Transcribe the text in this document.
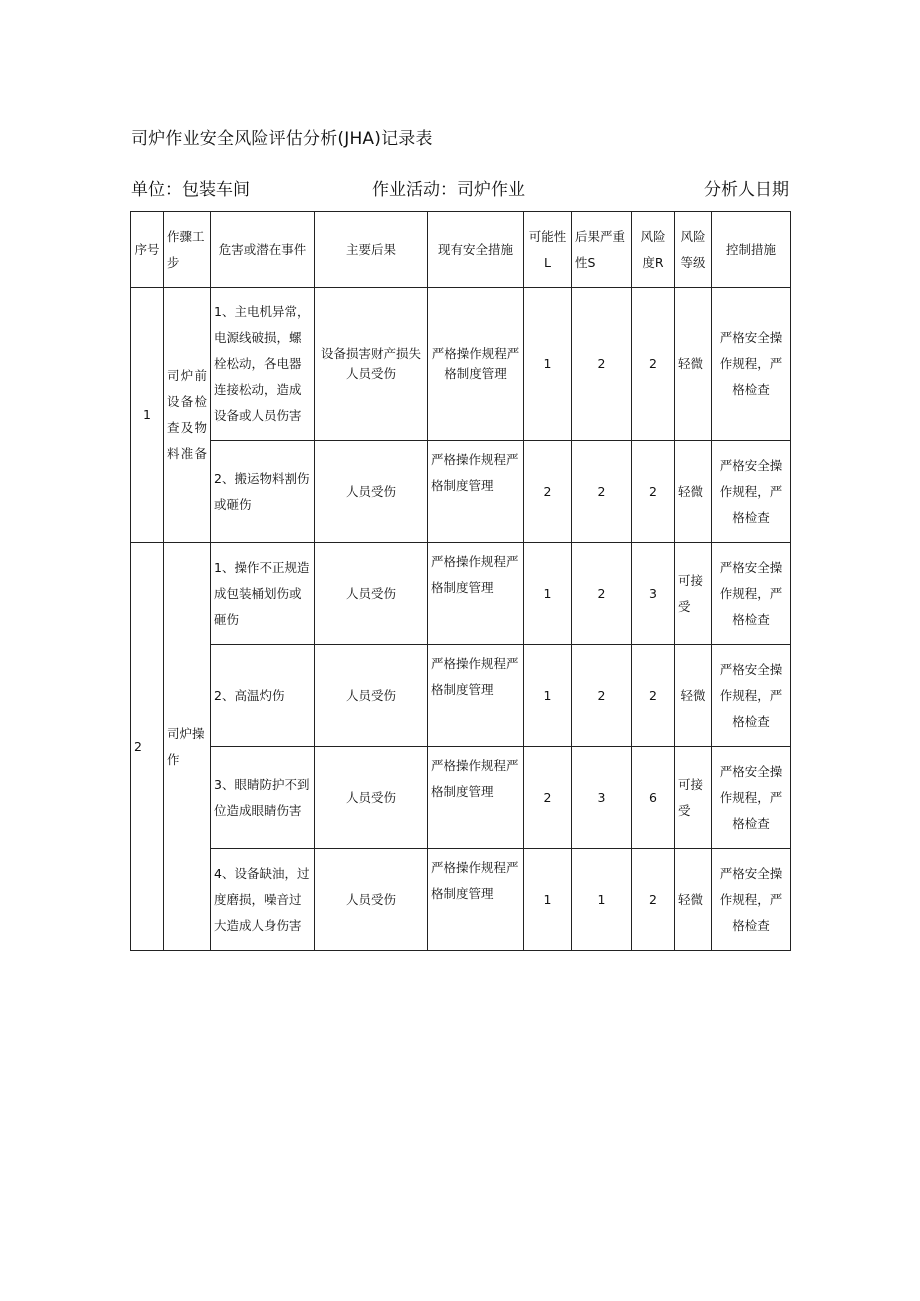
司炉作业安全风险评估分析(JHA)记录表
单位：包装车间	作业活动：司炉作业	分析人日期
序号	作骤工步	危害或潜在事件	主要后果	现有安全措施	可能性L	后果严重性S	风险度R	风险等级	控制措施
1	司炉前设备检查及物料准备	1、主电机异常，电源线破损，螺栓松动，各电器连接松动，造成设备或人员伤害	设备损害财产损失人员受伤	严格操作规程严格制度管理	1	2	2	轻微	严格安全操作规程，严格检查
		2、搬运物料割伤或砸伤	人员受伤	严格操作规程严格制度管理	2	2	2	轻微	严格安全操作规程，严格检查
2	司炉操作	1、操作不正规造成包装桶划伤或砸伤	人员受伤	严格操作规程严格制度管理	1	2	3	可接受	严格安全操作规程，严格检查
		2、高温灼伤	人员受伤	严格操作规程严格制度管理	1	2	2	轻微	严格安全操作规程，严格检查
		3、眼睛防护不到位造成眼睛伤害	人员受伤	严格操作规程严格制度管理	2	3	6	可接受	严格安全操作规程，严格检查
		4、设备缺油，过度磨损，噪音过大造成人身伤害	人员受伤	严格操作规程严格制度管理	1	1	2	轻微	严格安全操作规程，严格检查
